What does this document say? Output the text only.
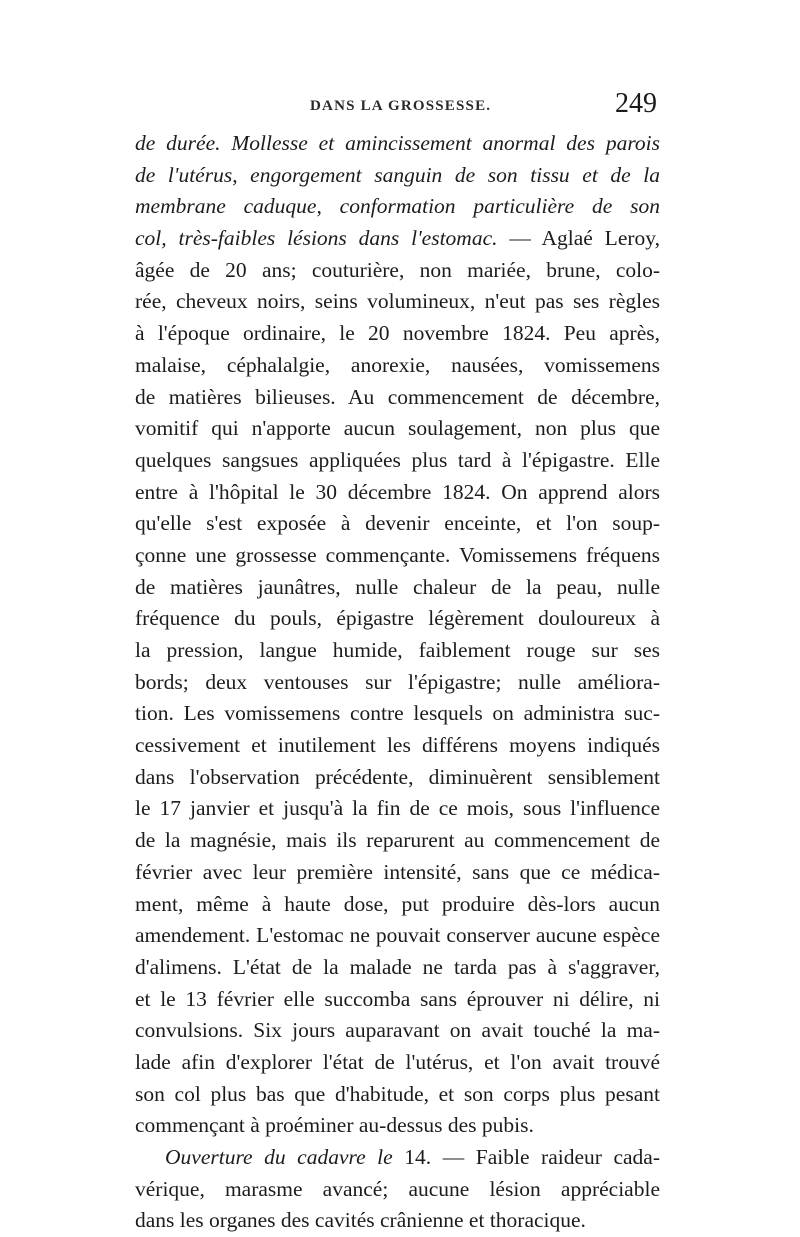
DANS LA GROSSESSE.	249
de durée. Mollesse et amincissement anormal des parois
de l'utérus, engorgement sanguin de son tissu et de la
membrane caduque, conformation particulière de son
col, très-faibles lésions dans l'estomac. — Aglaé Leroy,
âgée de 20 ans; couturière, non mariée, brune, colo-
rée, cheveux noirs, seins volumineux, n'eut pas ses règles
à l'époque ordinaire, le 20 novembre 1824. Peu après,
malaise, céphalalgie, anorexie, nausées, vomissemens
de matières bilieuses. Au commencement de décembre,
vomitif qui n'apporte aucun soulagement, non plus que
quelques sangsues appliquées plus tard à l'épigastre. Elle
entre à l'hôpital le 30 décembre 1824. On apprend alors
qu'elle s'est exposée à devenir enceinte, et l'on soup-
çonne une grossesse commençante. Vomissemens fréquens
de matières jaunâtres, nulle chaleur de la peau, nulle
fréquence du pouls, épigastre légèrement douloureux à
la pression, langue humide, faiblement rouge sur ses
bords; deux ventouses sur l'épigastre; nulle améliora-
tion. Les vomissemens contre lesquels on administra suc-
cessivement et inutilement les différens moyens indiqués
dans l'observation précédente, diminuèrent sensiblement
le 17 janvier et jusqu'à la fin de ce mois, sous l'influence
de la magnésie, mais ils reparurent au commencement de
février avec leur première intensité, sans que ce médica-
ment, même à haute dose, put produire dès-lors aucun
amendement. L'estomac ne pouvait conserver aucune espèce
d'alimens. L'état de la malade ne tarda pas à s'aggraver,
et le 13 février elle succomba sans éprouver ni délire, ni
convulsions. Six jours auparavant on avait touché la ma-
lade afin d'explorer l'état de l'utérus, et l'on avait trouvé
son col plus bas que d'habitude, et son corps plus pesant
commençant à proéminer au-dessus des pubis.
Ouverture du cadavre le 14. — Faible raideur cada-
vérique, marasme avancé; aucune lésion appréciable
dans les organes des cavités crânienne et thoracique.
